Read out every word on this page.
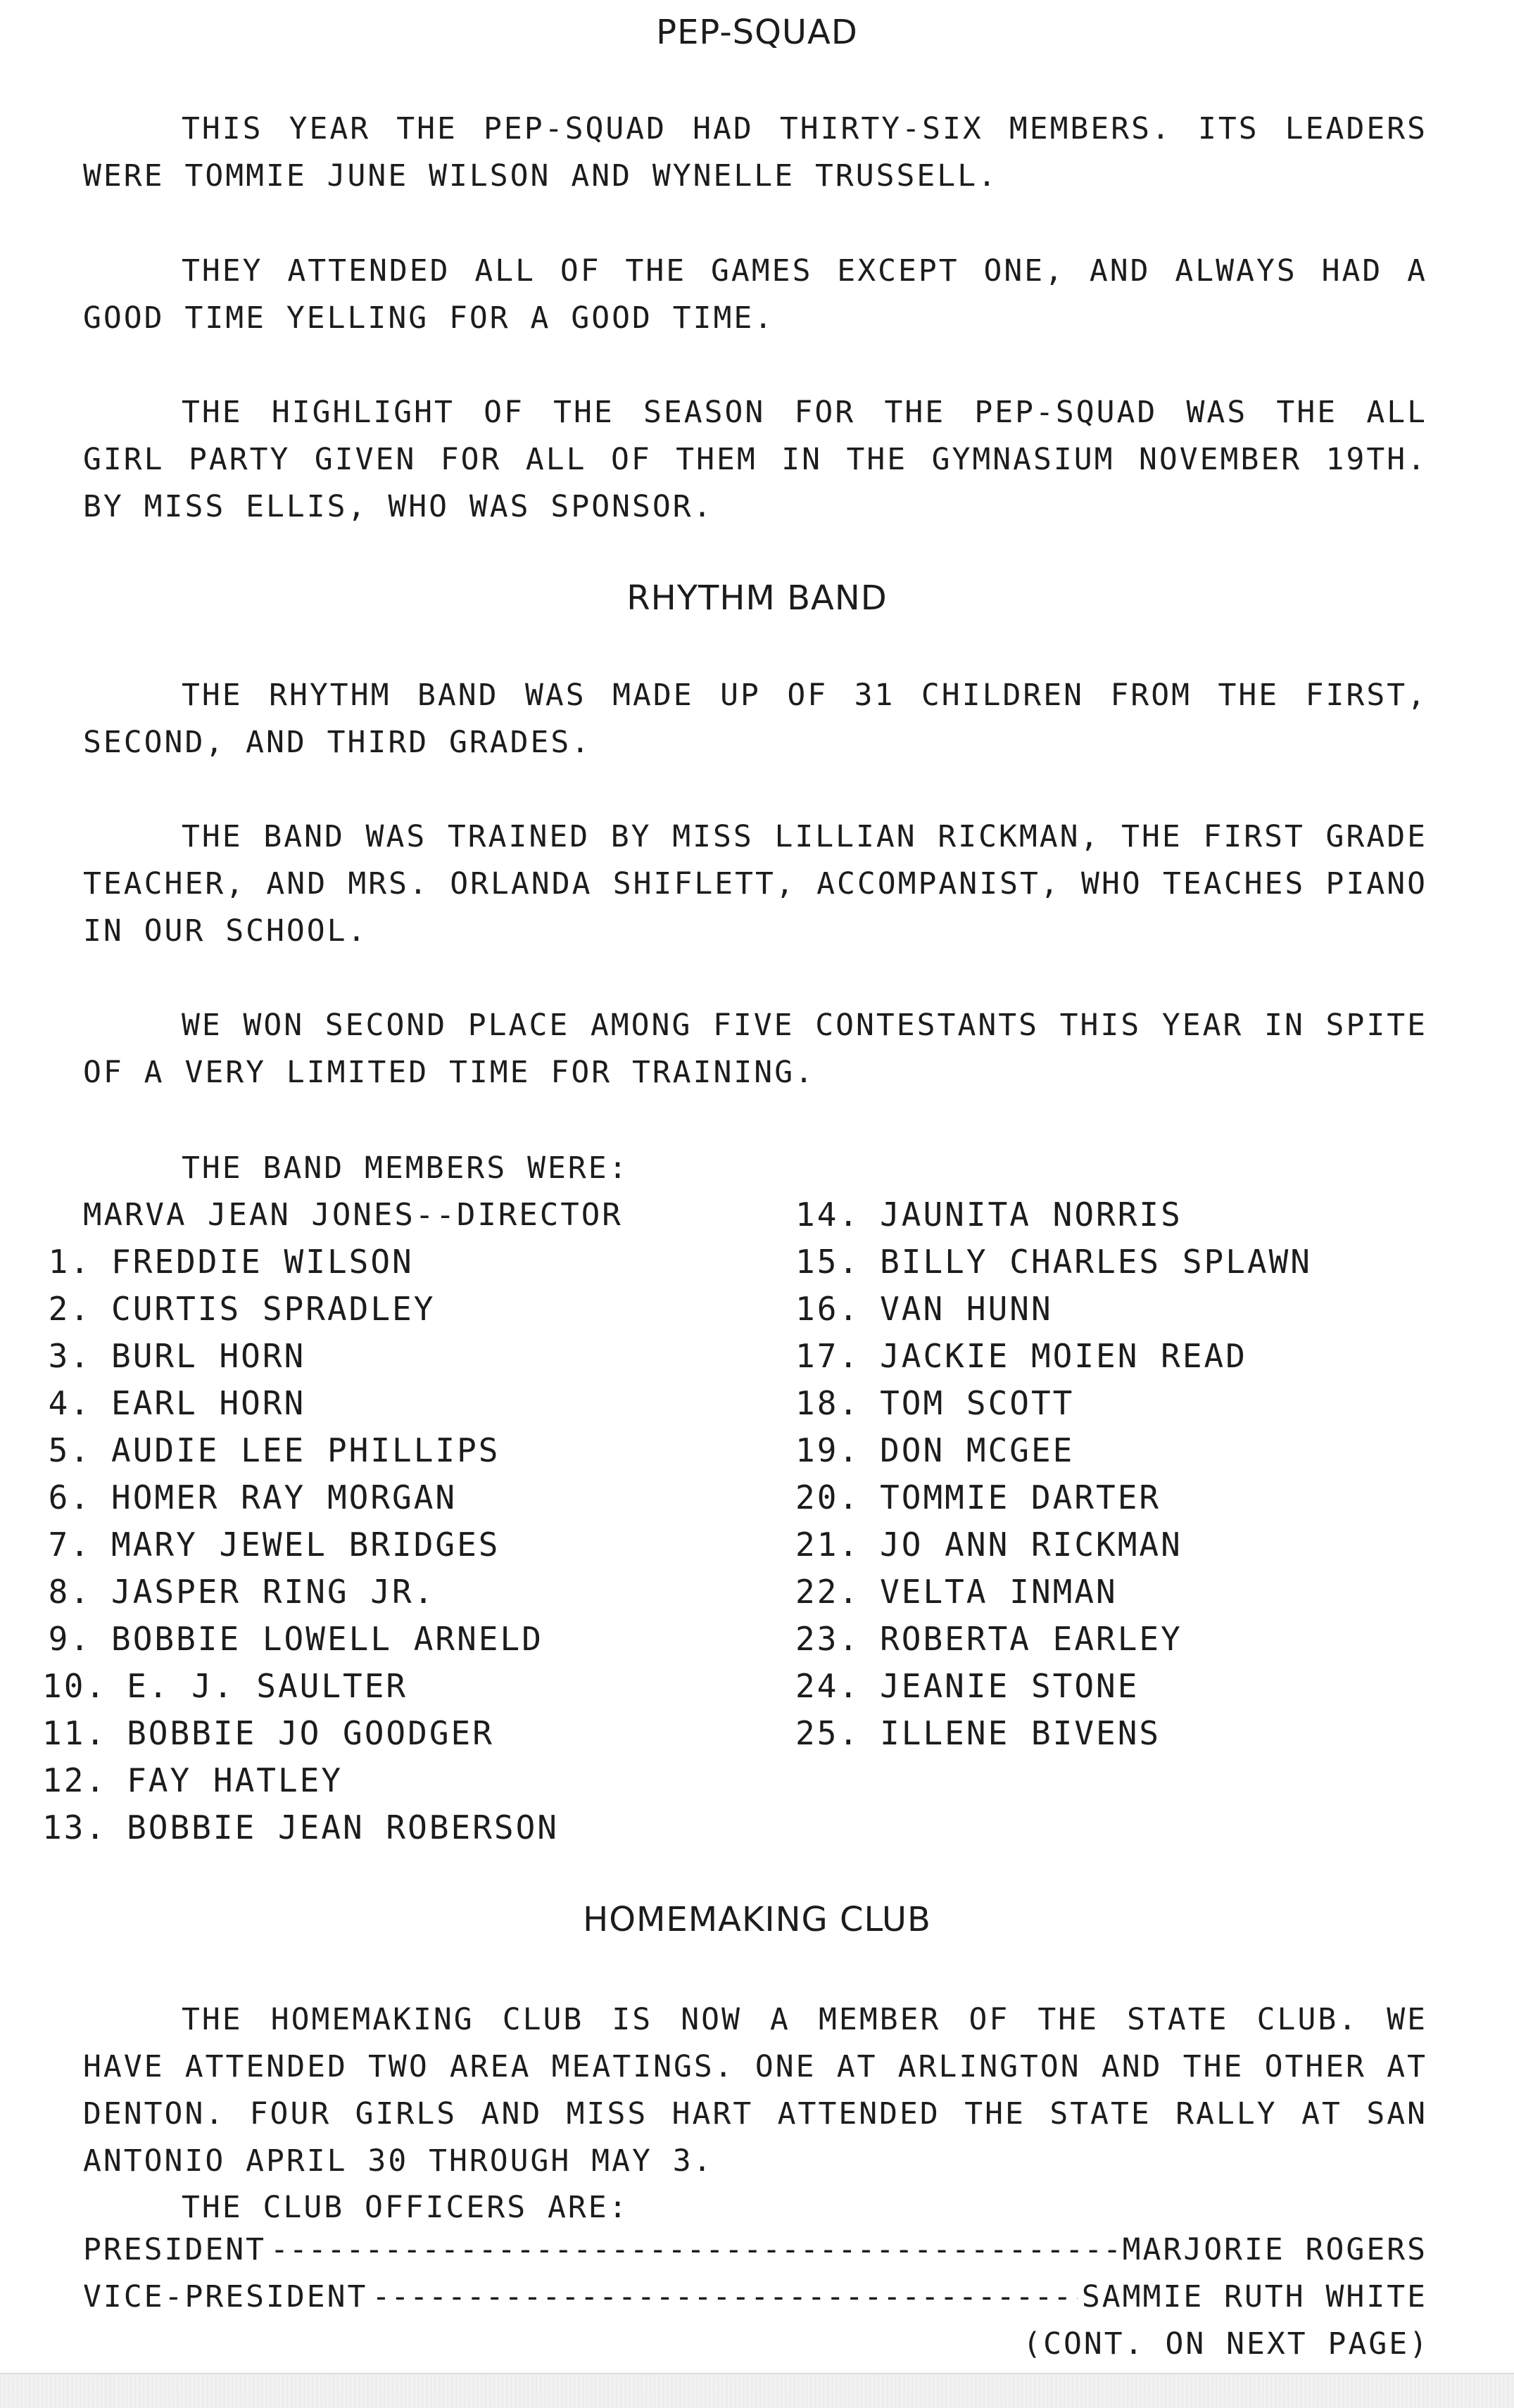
PEP-SQUAD

THIS YEAR THE PEP-SQUAD HAD THIRTY-SIX MEMBERS. ITS LEADERS WERE TOMMIE JUNE WILSON AND WYNELLE TRUSSELL.

THEY ATTENDED ALL OF THE GAMES EXCEPT ONE, AND ALWAYS HAD A GOOD TIME YELLING FOR A GOOD TIME.

THE HIGHLIGHT OF THE SEASON FOR THE PEP-SQUAD WAS THE ALL GIRL PARTY GIVEN FOR ALL OF THEM IN THE GYMNASIUM NOVEMBER 19TH. BY MISS ELLIS, WHO WAS SPONSOR.

RHYTHM BAND

THE RHYTHM BAND WAS MADE UP OF 31 CHILDREN FROM THE FIRST, SECOND, AND THIRD GRADES.

THE BAND WAS TRAINED BY MISS LILLIAN RICKMAN, THE FIRST GRADE TEACHER, AND MRS. ORLANDA SHIFLETT, ACCOMPANIST, WHO TEACHES PIANO IN OUR SCHOOL.

WE WON SECOND PLACE AMONG FIVE CONTESTANTS THIS YEAR IN SPITE OF A VERY LIMITED TIME FOR TRAINING.

THE BAND MEMBERS WERE:

MARVA JEAN JONES--DIRECTOR
1. FREDDIE WILSON
2. CURTIS SPRADLEY
3. BURL HORN
4. EARL HORN
5. AUDIE LEE PHILLIPS
6. HOMER RAY MORGAN
7. MARY JEWEL BRIDGES
8. JASPER RING JR.
9. BOBBIE LOWELL ARNELD
10. E. J. SAULTER
11. BOBBIE JO GOODGER
12. FAY HATLEY
13. BOBBIE JEAN ROBERSON
14. JAUNITA NORRIS
15. BILLY CHARLES SPLAWN
16. VAN HUNN
17. JACKIE MOIEN READ
18. TOM SCOTT
19. DON MCGEE
20. TOMMIE DARTER
21. JO ANN RICKMAN
22. VELTA INMAN
23. ROBERTA EARLEY
24. JEANIE STONE
25. ILLENE BIVENS
HOMEMAKING CLUB

THE HOMEMAKING CLUB IS NOW A MEMBER OF THE STATE CLUB. WE HAVE ATTENDED TWO AREA MEATINGS. ONE AT ARLINGTON AND THE OTHER AT DENTON. FOUR GIRLS AND MISS HART ATTENDED THE STATE RALLY AT SAN ANTONIO APRIL 30 THROUGH MAY 3.

THE CLUB OFFICERS ARE:

PRESIDENT -----	MARJORIE ROGERS
VICE-PRESIDENT -----	SAMMIE RUTH WHITE
(CONT. ON NEXT PAGE)
